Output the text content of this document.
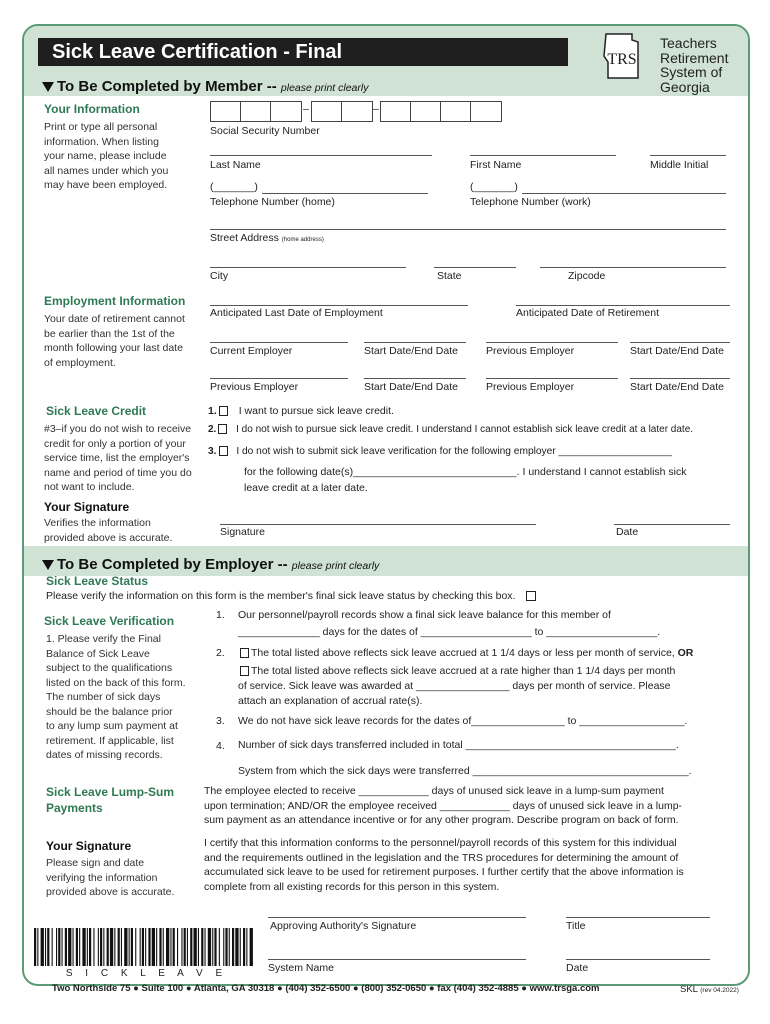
Sick Leave Certification - Final	TRS
Teachers
Retirement
System of
Georgia
To Be Completed by Member -- please print clearly
Your Information
Print or type all personal
information. When listing
your name, please include
all names under which you
may have been employed.
–	–
Social Security Number
Last Name	First Name	Middle Initial
(_______)
Telephone Number (home)
(_______)
Telephone Number (work)
Street Address (home address)
City	State	Zipcode
Employment Information
Your date of retirement cannot
be earlier than the 1st of the
month following your last date
of employment.
Anticipated Last Date of Employment	Anticipated Date of Retirement
Current Employer	Start Date/End Date	Previous Employer	Start Date/End Date
Previous Employer	Start Date/End Date	Previous Employer	Start Date/End Date
Sick Leave Credit
#3–if you do not wish to receive
credit for only a portion of your
service time, list the employer's
name and period of time you do
not want to include.
1. I want to pursue sick leave credit.
2. I do not wish to pursue sick leave credit. I understand I cannot establish sick leave credit at a later date.
3. I do not wish to submit sick leave verification for the following employer ____________________
for the following date(s)____________________________. I understand I cannot establish sick
leave credit at a later date.
Your Signature
Verifies the information
provided above is accurate.	Signature	Date
To Be Completed by Employer -- please print clearly
Sick Leave Status
Please verify the information on this form is the member's final sick leave status by checking this box.
Sick Leave Verification
1. Please verify the Final
Balance of Sick Leave
subject to the qualifications
listed on the back of this form.
The number of sick days
should be the balance prior
to any lump sum payment at
retirement. If applicable, list
dates of missing records.
1. Our personnel/payroll records show a final sick leave balance for this member of
______________ days for the dates of ___________________ to ___________________.
2.	The total listed above reflects sick leave accrued at 1 1/4 days or less per month of service, OR
The total listed above reflects sick leave accrued at a rate higher than 1 1/4 days per month
of service. Sick leave was awarded at ________________ days per month of service. Please
attach an explanation of accrual rate(s).
3. We do not have sick leave records for the dates of________________ to __________________.
4. Number of sick days transferred included in total ____________________________________.
System from which the sick days were transferred _____________________________________.
Sick Leave Lump-Sum
Payments
The employee elected to receive ____________ days of unused sick leave in a lump-sum payment
upon termination; AND/OR the employee received ____________ days of unused sick leave in a lump-
sum payment as an attendance incentive or for any other program. Describe program on back of form.
Your Signature
Please sign and date
verifying the information
provided above is accurate.
I certify that this information conforms to the personnel/payroll records of this system for this individual
and the requirements outlined in the legislation and the TRS procedures for determining the amount of
accumulated sick leave to be used for retirement purposes. I further certify that the above information is
complete from all existing records for this person in this system.
Approving Authority's Signature	Title
System Name	Date
S I C K L E A V E
Two Northside 75 ● Suite 100 ● Atlanta, GA 30318 ● (404) 352-6500 ● (800) 352-0650 ● fax (404) 352-4885 ● www.trsga.com	SKL (rev 04.2022)
